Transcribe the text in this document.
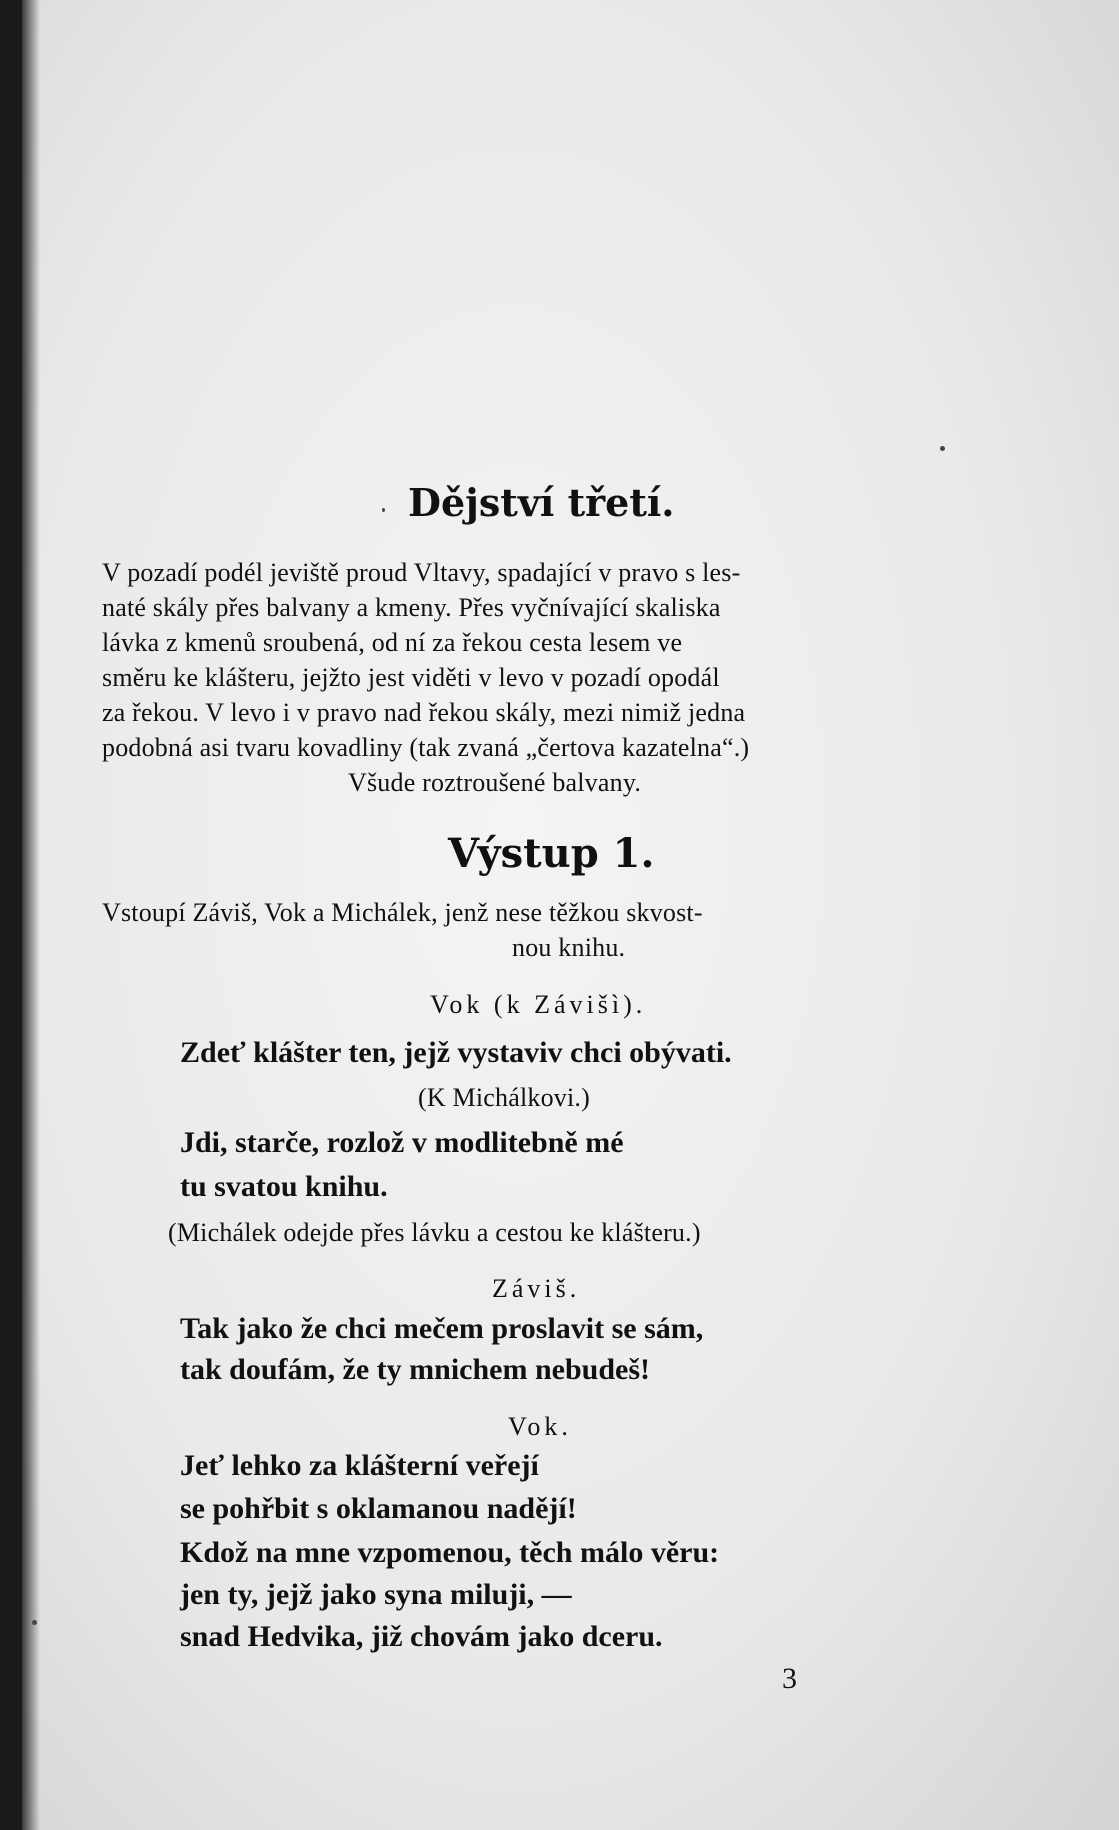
Dějství třetí.
V pozadí podél jeviště proud Vltavy, spadající v pravo s les-
naté skály přes balvany a kmeny. Přes vyčnívající skaliska
lávka z kmenů sroubená, od ní za řekou cesta lesem ve
směru ke klášteru, jejžto jest viděti v levo v pozadí opodál
za řekou. V levo i v pravo nad řekou skály, mezi nimiž jedna
podobná asi tvaru kovadliny (tak zvaná „čertova kazatelna“.)
Všude roztroušené balvany.
Výstup 1.
Vstoupí Záviš, Vok a Michálek, jenž nese těžkou skvost-
nou knihu.
Vok (k Závišì).
Zdeť klášter ten, jejž vystaviv chci obývati.
(K Michálkovi.)
Jdi, starče, rozlož v modlitebně mé
tu svatou knihu.
(Michálek odejde přes lávku a cestou ke klášteru.)
Záviš.
Tak jako že chci mečem proslavit se sám,
tak doufám, že ty mnichem nebudeš!
Vok.
Jeť lehko za klášterní veřejí
se pohřbit s oklamanou nadějí!
Kdož na mne vzpomenou, těch málo věru:
jen ty, jejž jako syna miluji, —
snad Hedvika, již chovám jako dceru.
3
